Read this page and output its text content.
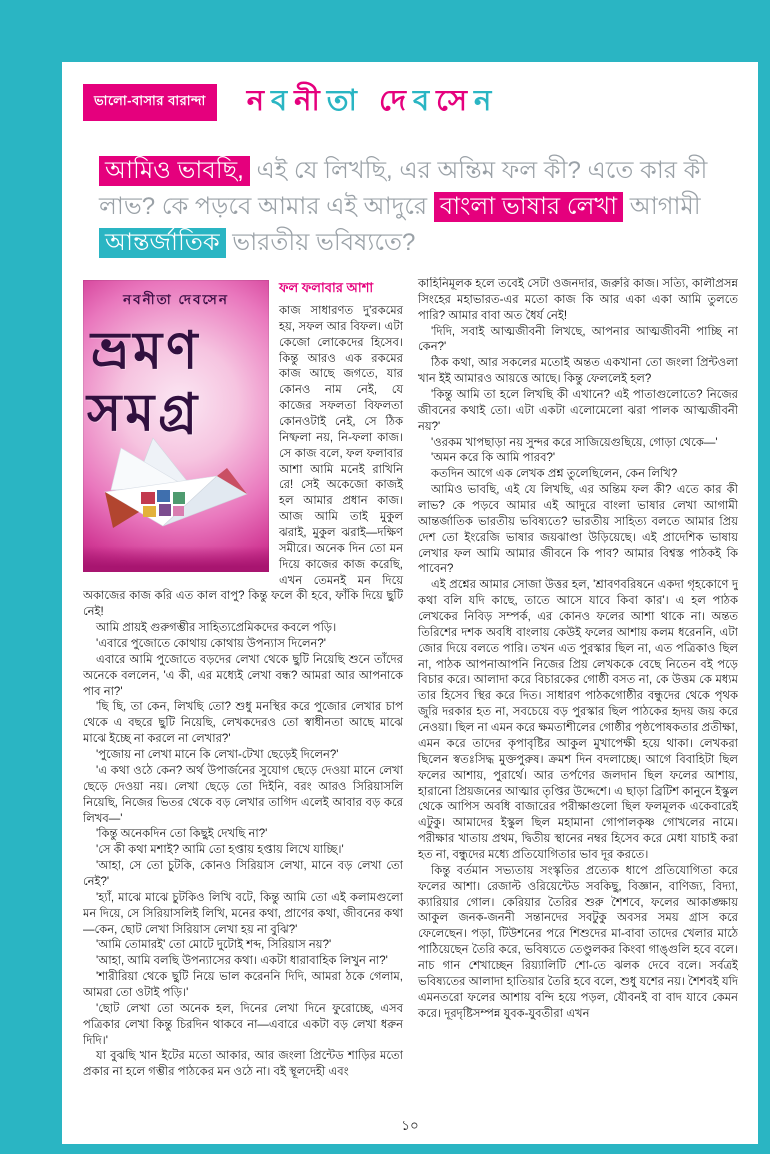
ভালো-বাসার বারান্দা	নবনীতা দেবসেন
আমিও ভাবছি, এই যে লিখছি, এর অন্তিম ফল কী? এতে কার কী লাভ? কে পড়বে আমার এই আদুরে বাংলা ভাষার লেখা আগামী আন্তর্জাতিক ভারতীয় ভবিষ্যতে?
নবনীতা দেবসেন
ভ্রমণ
সমগ্র
ফল ফলাবার আশা

কাজ সাধারণত দু'রকমের হয়, সফল আর বিফল। এটা কেজো লোকেদের হিসেব। কিন্তু আরও এক রকমের কাজ আছে জগতে, যার কোনও নাম নেই, যে কাজের সফলতা বিফলতা কোনওটাই নেই, সে ঠিক নিষ্ফলা নয়, নি-ফলা কাজ। সে কাজ বলে, ফল ফলাবার আশা আমি মনেই রাখিনি রে! সেই অকেজো কাজই হল আমার প্রধান কাজ। আজ আমি তাই মুকুল ঝরাই, মুকুল ঝরাই—দক্ষিণ সমীরে। অনেক দিন তো মন দিয়ে কাজের কাজ করেছি, এখন তেমনই মন দিয়ে অকাজের কাজ করি এত কাল বাপু? কিন্তু ফলে কী হবে, ফাঁকি দিয়ে ছুটি নেই!

আমি প্রায়ই গুরুগম্ভীর সাহিত্যপ্রেমিকদের কবলে পড়ি।

'এবারে পুজোতে কোথায় কোথায় উপন্যাস দিলেন?'

এবারে আমি পুজোতে বড়দের লেখা থেকে ছুটি নিয়েছি শুনে তাঁদের অনেকে বললেন, 'এ কী, এর মধ্যেই লেখা বন্ধ? আমরা আর আপনাকে পাব না?'

'ছি ছি, তা কেন, লিখছি তো? শুধু মনস্থির করে পুজোর লেখার চাপ থেকে এ বছরে ছুটি নিয়েছি, লেখকদেরও তো স্বাধীনতা আছে মাঝে মাঝে ইচ্ছে না করলে না লেখার?'

'পুজোয় না লেখা মানে কি লেখা-টেখা ছেড়েই দিলেন?'

'এ কথা ওঠে কেন? অর্থ উপার্জনের সুযোগ ছেড়ে দেওয়া মানে লেখা ছেড়ে দেওয়া নয়। লেখা ছেড়ে তো দিইনি, বরং আরও সিরিয়াসলি নিয়েছি, নিজের ভিতর থেকে বড় লেখার তাগিদ এলেই আবার বড় করে লিখব—'

'কিন্তু অনেকদিন তো কিছুই দেখছি না?'

'সে কী কথা মশাই? আমি তো হপ্তায় হপ্তায় লিখে যাচ্ছি।'

'আহা, সে তো চুটকি, কোনও সিরিয়াস লেখা, মানে বড় লেখা তো নেই?'

'হ্যাঁ, মাঝে মাঝে চুটকিও লিখি বটে, কিন্তু আমি তো এই কলামগুলো মন দিয়ে, সে সিরিয়াসলিই লিখি, মনের কথা, প্রাণের কথা, জীবনের কথা—কেন, ছোট লেখা সিরিয়াস লেখা হয় না বুঝি?'

'আমি তোমারই' তো মোটে দুটোই শব্দ, সিরিয়াস নয়?'

'আহা, আমি বলছি উপন্যাসের কথা। একটা ধারাবাহিক লিখুন না?'

'শারীরিয়া থেকে ছুটি নিয়ে ভাল করেননি দিদি, আমরা ঠকে গেলাম, আমরা তো ওটাই পড়ি।'

'ছোট লেখা তো অনেক হল, দিনের লেখা দিনে ফুরোচ্ছে, এসব পত্রিকার লেখা কিন্তু চিরদিন থাকবে না—এবারে একটা বড় লেখা ধরুন দিদি।'

যা বুঝছি খান ইটের মতো আকার, আর জংলা প্রিন্টেড শাড়ির মতো প্রকার না হলে গম্ভীর পাঠকের মন ওঠে না। বই স্থূলদেহী এবং

কাহিনিমূলক হলে তবেই সেটা ওজনদার, জরুরি কাজ। সত্যি, কালীপ্রসন্ন সিংহের মহাভারত-এর মতো কাজ কি আর একা একা আমি তুলতে পারি? আমার বাবা অত ধৈর্য নেই!

'দিদি, সবাই আত্মজীবনী লিখছে, আপনার আত্মজীবনী পাচ্ছি না কেন?'

ঠিক কথা, আর সকলের মতোই অন্তত একখানা তো জংলা প্রিন্টওলা খান ইই আমারও আয়ত্তে আছে। কিন্তু ফেললেই হল?

'কিন্তু আমি তা হলে লিখছি কী এখানে? এই পাতাগুলোতে? নিজের জীবনের কথাই তো। এটা একটা এলোমেলো ঝরা পালক আত্মজীবনী নয়?'

'ওরকম খাপছাড়া নয় সুন্দর করে সাজিয়েগুছিয়ে, গোড়া থেকে—'

'অমন করে কি আমি পারব?'

কতদিন আগে এক লেখক প্রশ্ন তুলেছিলেন, কেন লিখি?

আমিও ভাবছি, এই যে লিখছি, এর অন্তিম ফল কী? এতে কার কী লাভ? কে পড়বে আমার এই আদুরে বাংলা ভাষার লেখা আগামী আন্তর্জাতিক ভারতীয় ভবিষ্যতে? ভারতীয় সাহিত্য বলতে আমার প্রিয় দেশ তো ইংরেজি ভাষার জয়ঝাণ্ডা উড়িয়েছে। এই প্রাদেশিক ভাষায় লেখার ফল আমি আমার জীবনে কি পাব? আমার বিশ্বস্ত পাঠকই কি পাবেন?

এই প্রশ্নের আমার সোজা উত্তর হল, 'শ্রাবণবরিষনে একদা গৃহকোণে দু কথা বলি যদি কাছে, তাতে আসে যাবে কিবা কার'। এ হল পাঠক লেখকের নিবিড় সম্পর্ক, এর কোনও ফলের আশা থাকে না। অন্তত তিরিশের দশক অবধি বাংলায় কেউই ফলের আশায় কলম ধরেননি, এটা জোর দিয়ে বলতে পারি। তখন এত পুরস্কার ছিল না, এত পত্রিকাও ছিল না, পাঠক আপনাআপনি নিজের প্রিয় লেখককে বেছে নিতেন বই পড়ে বিচার করে। আলাদা করে বিচারকের গোষ্ঠী বসত না, কে উত্তম কে মধ্যম তার হিসেব স্থির করে দিত। সাধারণ পাঠকগোষ্ঠীর বন্ধুদের থেকে পৃথক জুরি দরকার হত না, সবচেয়ে বড় পুরস্কার ছিল পাঠকের হৃদয় জয় করে নেওয়া। ছিল না এমন করে ক্ষমতাশীলের গোষ্ঠীর পৃষ্ঠপোষকতার প্রতীক্ষা, এমন করে তাদের কৃপাবৃষ্টির আকুল মুখাপেক্ষী হয়ে থাকা। লেখকরা ছিলেন স্বতঃসিদ্ধ মুক্তপুরুষ। ক্রমশ দিন বদলাচ্ছে। আগে বিবাহিটা ছিল ফলের আশায়, পুরার্থে। আর তর্পণের জলদান ছিল ফলের আশায়, হারানো প্রিয়জনের আত্মার তৃপ্তির উদ্দেশে। এ ছাড়া ব্রিটিশ কানুনে ইস্কুল থেকে আপিস অবধি বাজারের পরীক্ষাগুলো ছিল ফলমূলক একেবারেই এটুকু। আমাদের ইস্কুল ছিল মহামানা গোপালকৃষ্ণ গোখলের নামে। পরীক্ষার খাতায় প্রথম, দ্বিতীয় স্থানের নম্বর হিসেব করে মেধা যাচাই করা হত না, বন্ধুদের মধ্যে প্রতিযোগিতার ভাব দূর করতে।

কিন্তু বর্তমান সভ্যতায় সংস্কৃতির প্রত্যেক ধাপে প্রতিযোগিতা করে ফলের আশা। রেজাল্ট ওরিয়েন্টেড সবকিছু, বিজ্ঞান, বাণিজ্য, বিদ্যা, ক্যারিয়ার গোল। কেরিয়ার তৈরির শুরু শৈশবে, ফলের আকাঙ্ক্ষায় আকুল জনক-জননী সন্তানদের সবটুকু অবসর সময় গ্রাস করে ফেলেছেন। পড়া, টিউশনের পরে শিশুদের মা-বাবা তাদের খেলার মাঠে পাঠিয়েছেন তৈরি করে, ভবিষ্যতে তেণ্ডুলকর কিংবা গাঙ্গুলি হবে বলে। নাচ গান শেখাচ্ছেন রিয়্যালিটি শো-তে ঝলক দেবে বলে। সর্বত্রই ভবিষ্যতের আলাদা হাতিয়ার তৈরি হবে বলে, শুধু যশের নয়। শৈশবই যদি এমনতরো ফলের আশায় বন্দি হয়ে পড়ল, যৌবনই বা বাদ যাবে কেমন করে। দূরদৃষ্টিসম্পন্ন যুবক-যুবতীরা এখন

১০
